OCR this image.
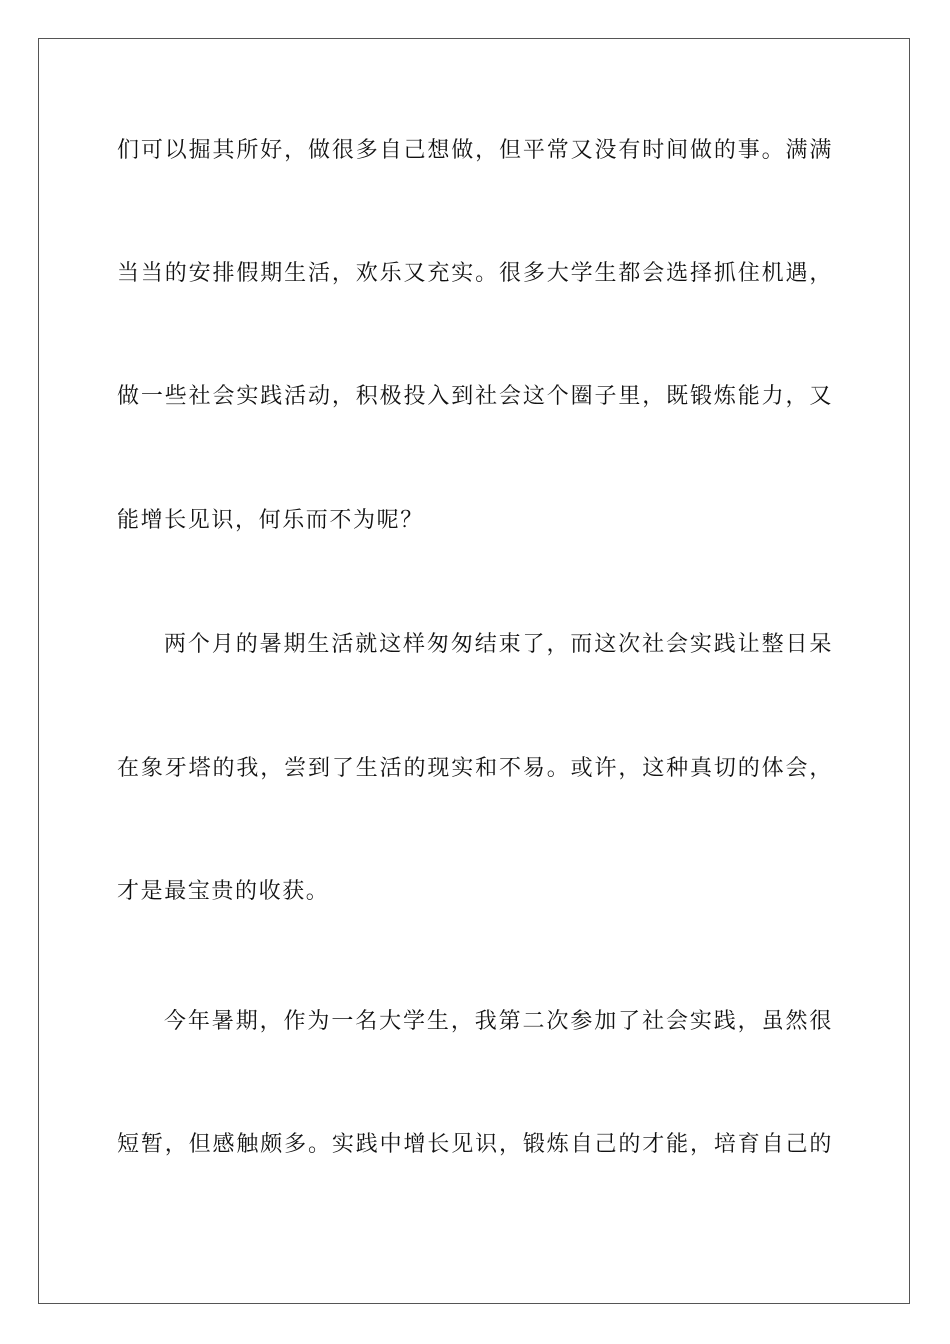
们可以掘其所好，做很多自己想做，但平常又没有时间做的事。满满
当当的安排假期生活，欢乐又充实。很多大学生都会选择抓住机遇，
做一些社会实践活动，积极投入到社会这个圈子里，既锻炼能力，又
能增长见识，何乐而不为呢？
两个月的暑期生活就这样匆匆结束了，而这次社会实践让整日呆
在象牙塔的我，尝到了生活的现实和不易。或许，这种真切的体会，
才是最宝贵的收获。
今年暑期，作为一名大学生，我第二次参加了社会实践，虽然很
短暂，但感触颇多。实践中增长见识，锻炼自己的才能，培育自己的
